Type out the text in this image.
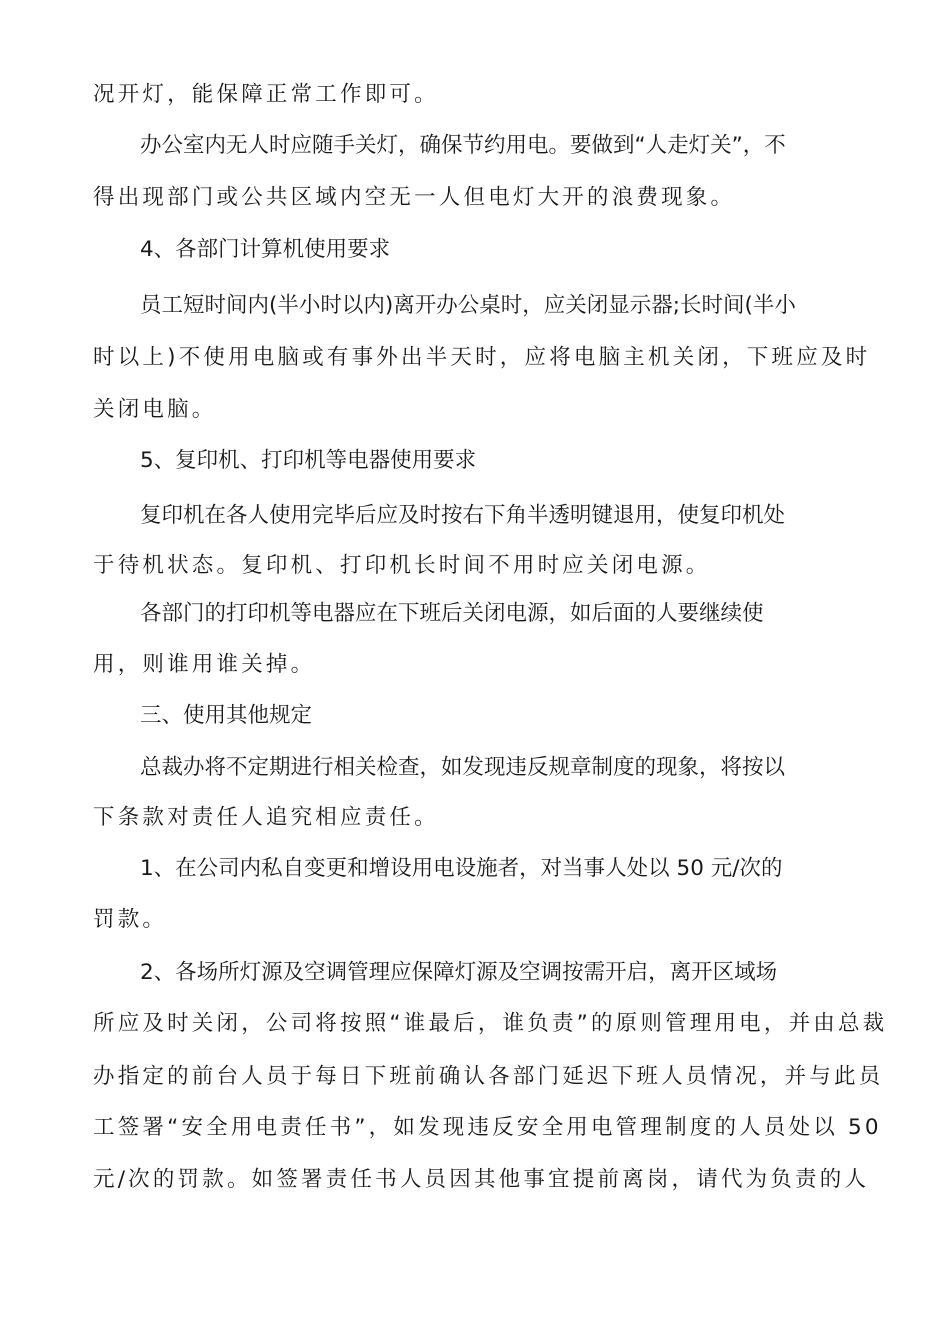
况开灯，能保障正常工作即可。
办公室内无人时应随手关灯，确保节约用电。要做到“人走灯关”，不
得出现部门或公共区域内空无一人但电灯大开的浪费现象。
4、各部门计算机使用要求
员工短时间内(半小时以内)离开办公桌时，应关闭显示器;长时间(半小
时以上)不使用电脑或有事外出半天时，应将电脑主机关闭，下班应及时
关闭电脑。
5、复印机、打印机等电器使用要求
复印机在各人使用完毕后应及时按右下角半透明键退用，使复印机处
于待机状态。复印机、打印机长时间不用时应关闭电源。
各部门的打印机等电器应在下班后关闭电源，如后面的人要继续使
用，则谁用谁关掉。
三、使用其他规定
总裁办将不定期进行相关检查，如发现违反规章制度的现象，将按以
下条款对责任人追究相应责任。
1、在公司内私自变更和增设用电设施者，对当事人处以 50 元/次的
罚款。
2、各场所灯源及空调管理应保障灯源及空调按需开启，离开区域场
所应及时关闭，公司将按照“谁最后，谁负责”的原则管理用电，并由总裁
办指定的前台人员于每日下班前确认各部门延迟下班人员情况，并与此员
工签署“安全用电责任书”，如发现违反安全用电管理制度的人员处以 50
元/次的罚款。如签署责任书人员因其他事宜提前离岗，请代为负责的人
